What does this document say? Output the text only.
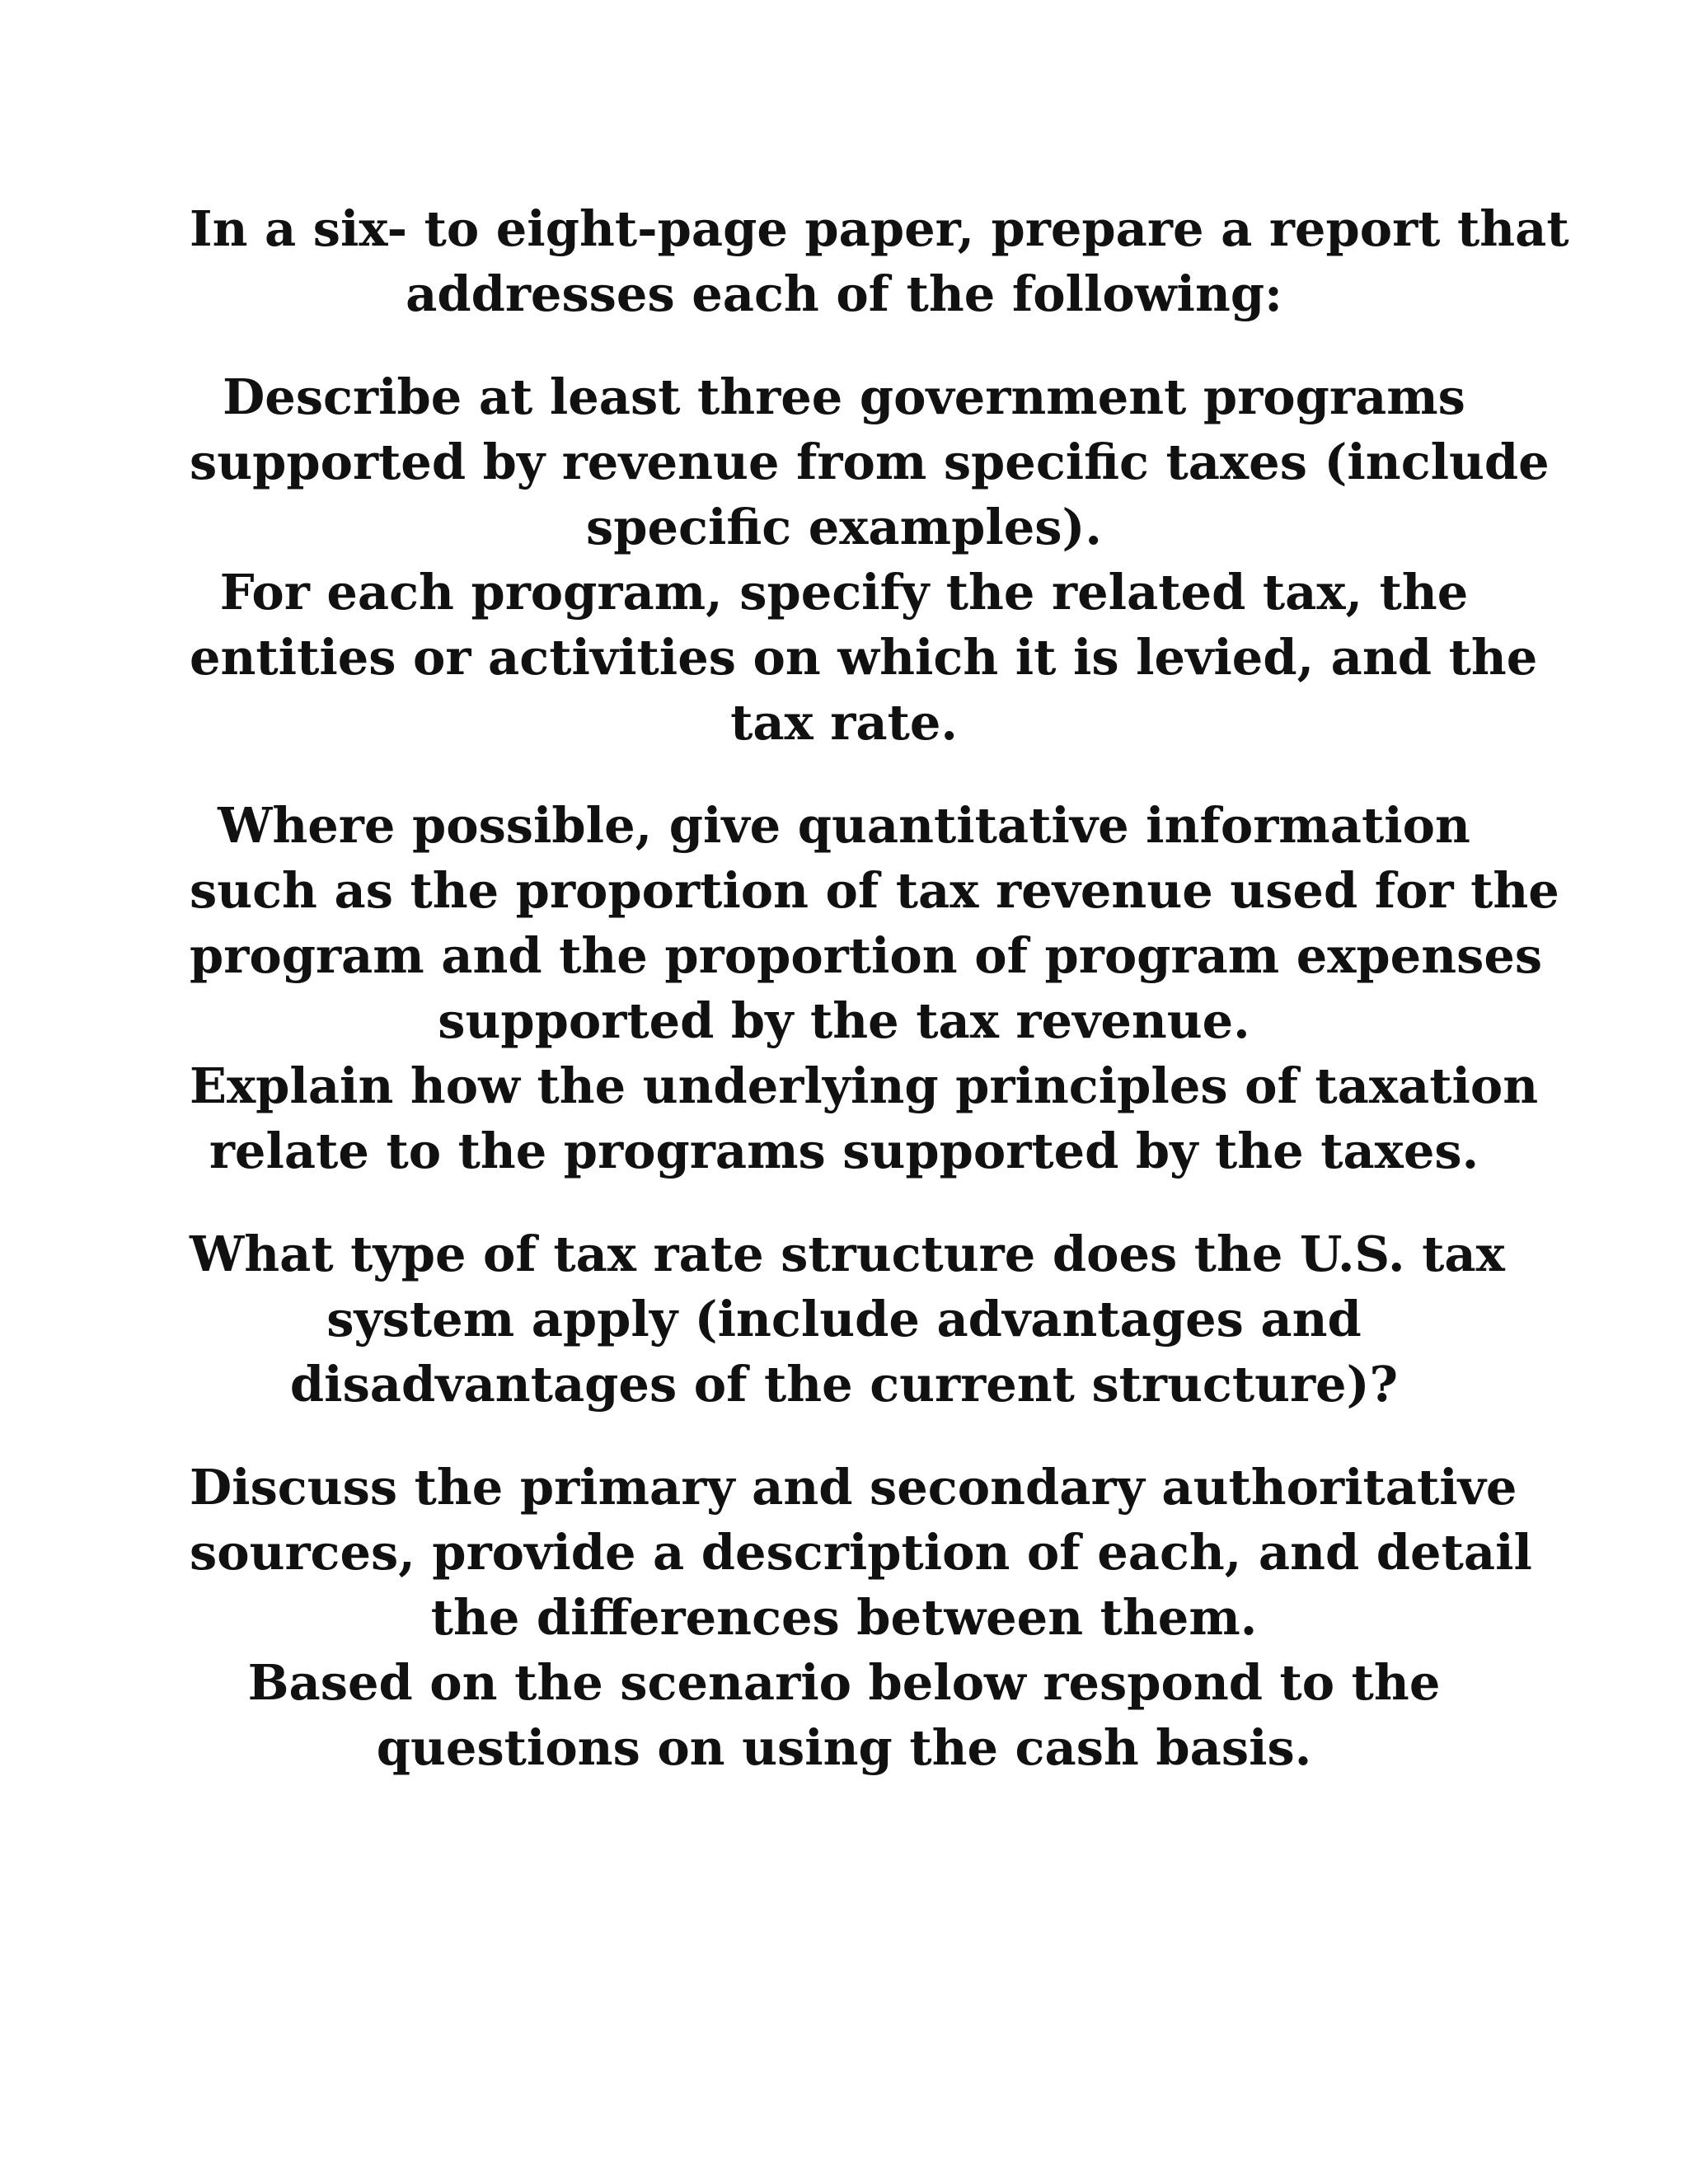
In a six- to eight-page paper, prepare a report that
addresses each of the following:

Describe at least three government programs
supported by revenue from specific taxes (include
specific examples).

For each program, specify the related tax, the
entities or activities on which it is levied, and the
tax rate.

Where possible, give quantitative information
such as the proportion of tax revenue used for the
program and the proportion of program expenses
supported by the tax revenue.

Explain how the underlying principles of taxation
relate to the programs supported by the taxes.

What type of tax rate structure does the U.S. tax
system apply (include advantages and
disadvantages of the current structure)?

Discuss the primary and secondary authoritative
sources, provide a description of each, and detail
the differences between them.

Based on the scenario below respond to the
questions on using the cash basis.
